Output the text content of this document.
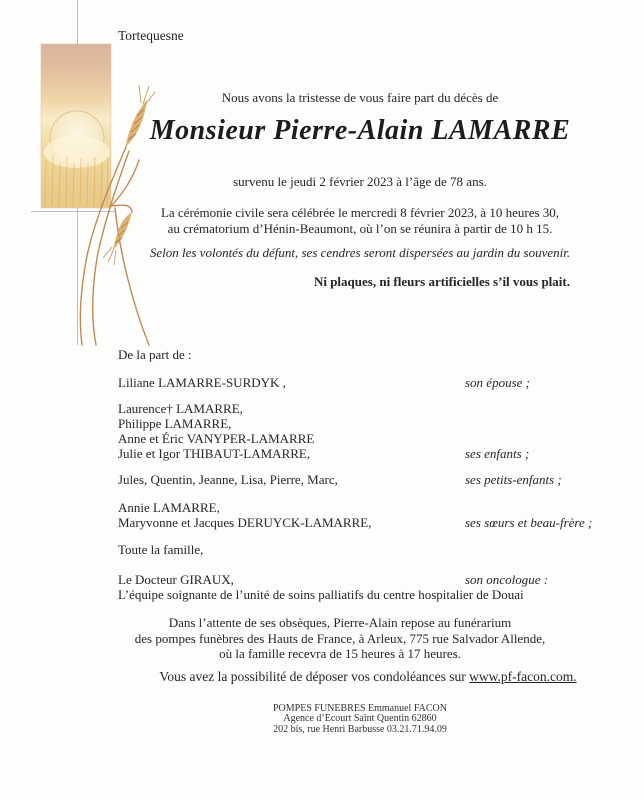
Tortequesne
Nous avons la tristesse de vous faire part du décès de
Monsieur Pierre-Alain LAMARRE
survenu le jeudi 2 février 2023 à l’âge de 78 ans.
La cérémonie civile sera célébrée le mercredi 8 février 2023, à 10 heures 30,
au crématorium d’Hénin-Beaumont, où l’on se réunira à partir de 10 h 15.
Selon les volontés du défunt, ses cendres seront dispersées au jardin du souvenir.
Ni plaques, ni fleurs artificielles s’il vous plait.
De la part de :
Liliane LAMARRE-SURDYK ,	son épouse ;
Laurence† LAMARRE,
Philippe LAMARRE,
Anne et Éric VANYPER-LAMARRE
Julie et Igor THIBAUT-LAMARRE,	ses enfants ;
Jules, Quentin, Jeanne, Lisa, Pierre, Marc,	ses petits-enfants ;
Annie LAMARRE,
Maryvonne et Jacques DERUYCK-LAMARRE,	ses sœurs et beau-frère ;
Toute la famille,
Le Docteur GIRAUX,	son oncologue :
L’équipe soignante de l’unité de soins palliatifs du centre hospitalier de Douai
Dans l’attente de ses obsèques, Pierre-Alain repose au funérarium
des pompes funèbres des Hauts de France, à Arleux, 775 rue Salvador Allende,
où la famille recevra de 15 heures à 17 heures.
Vous avez la possibilité de déposer vos condoléances sur www.pf-facon.com.
POMPES FUNEBRES Emmanuel FACON
Agence d’Ecourt Saint Quentin 62860
202 bis, rue Henri Barbusse 03.21.71.94.09
